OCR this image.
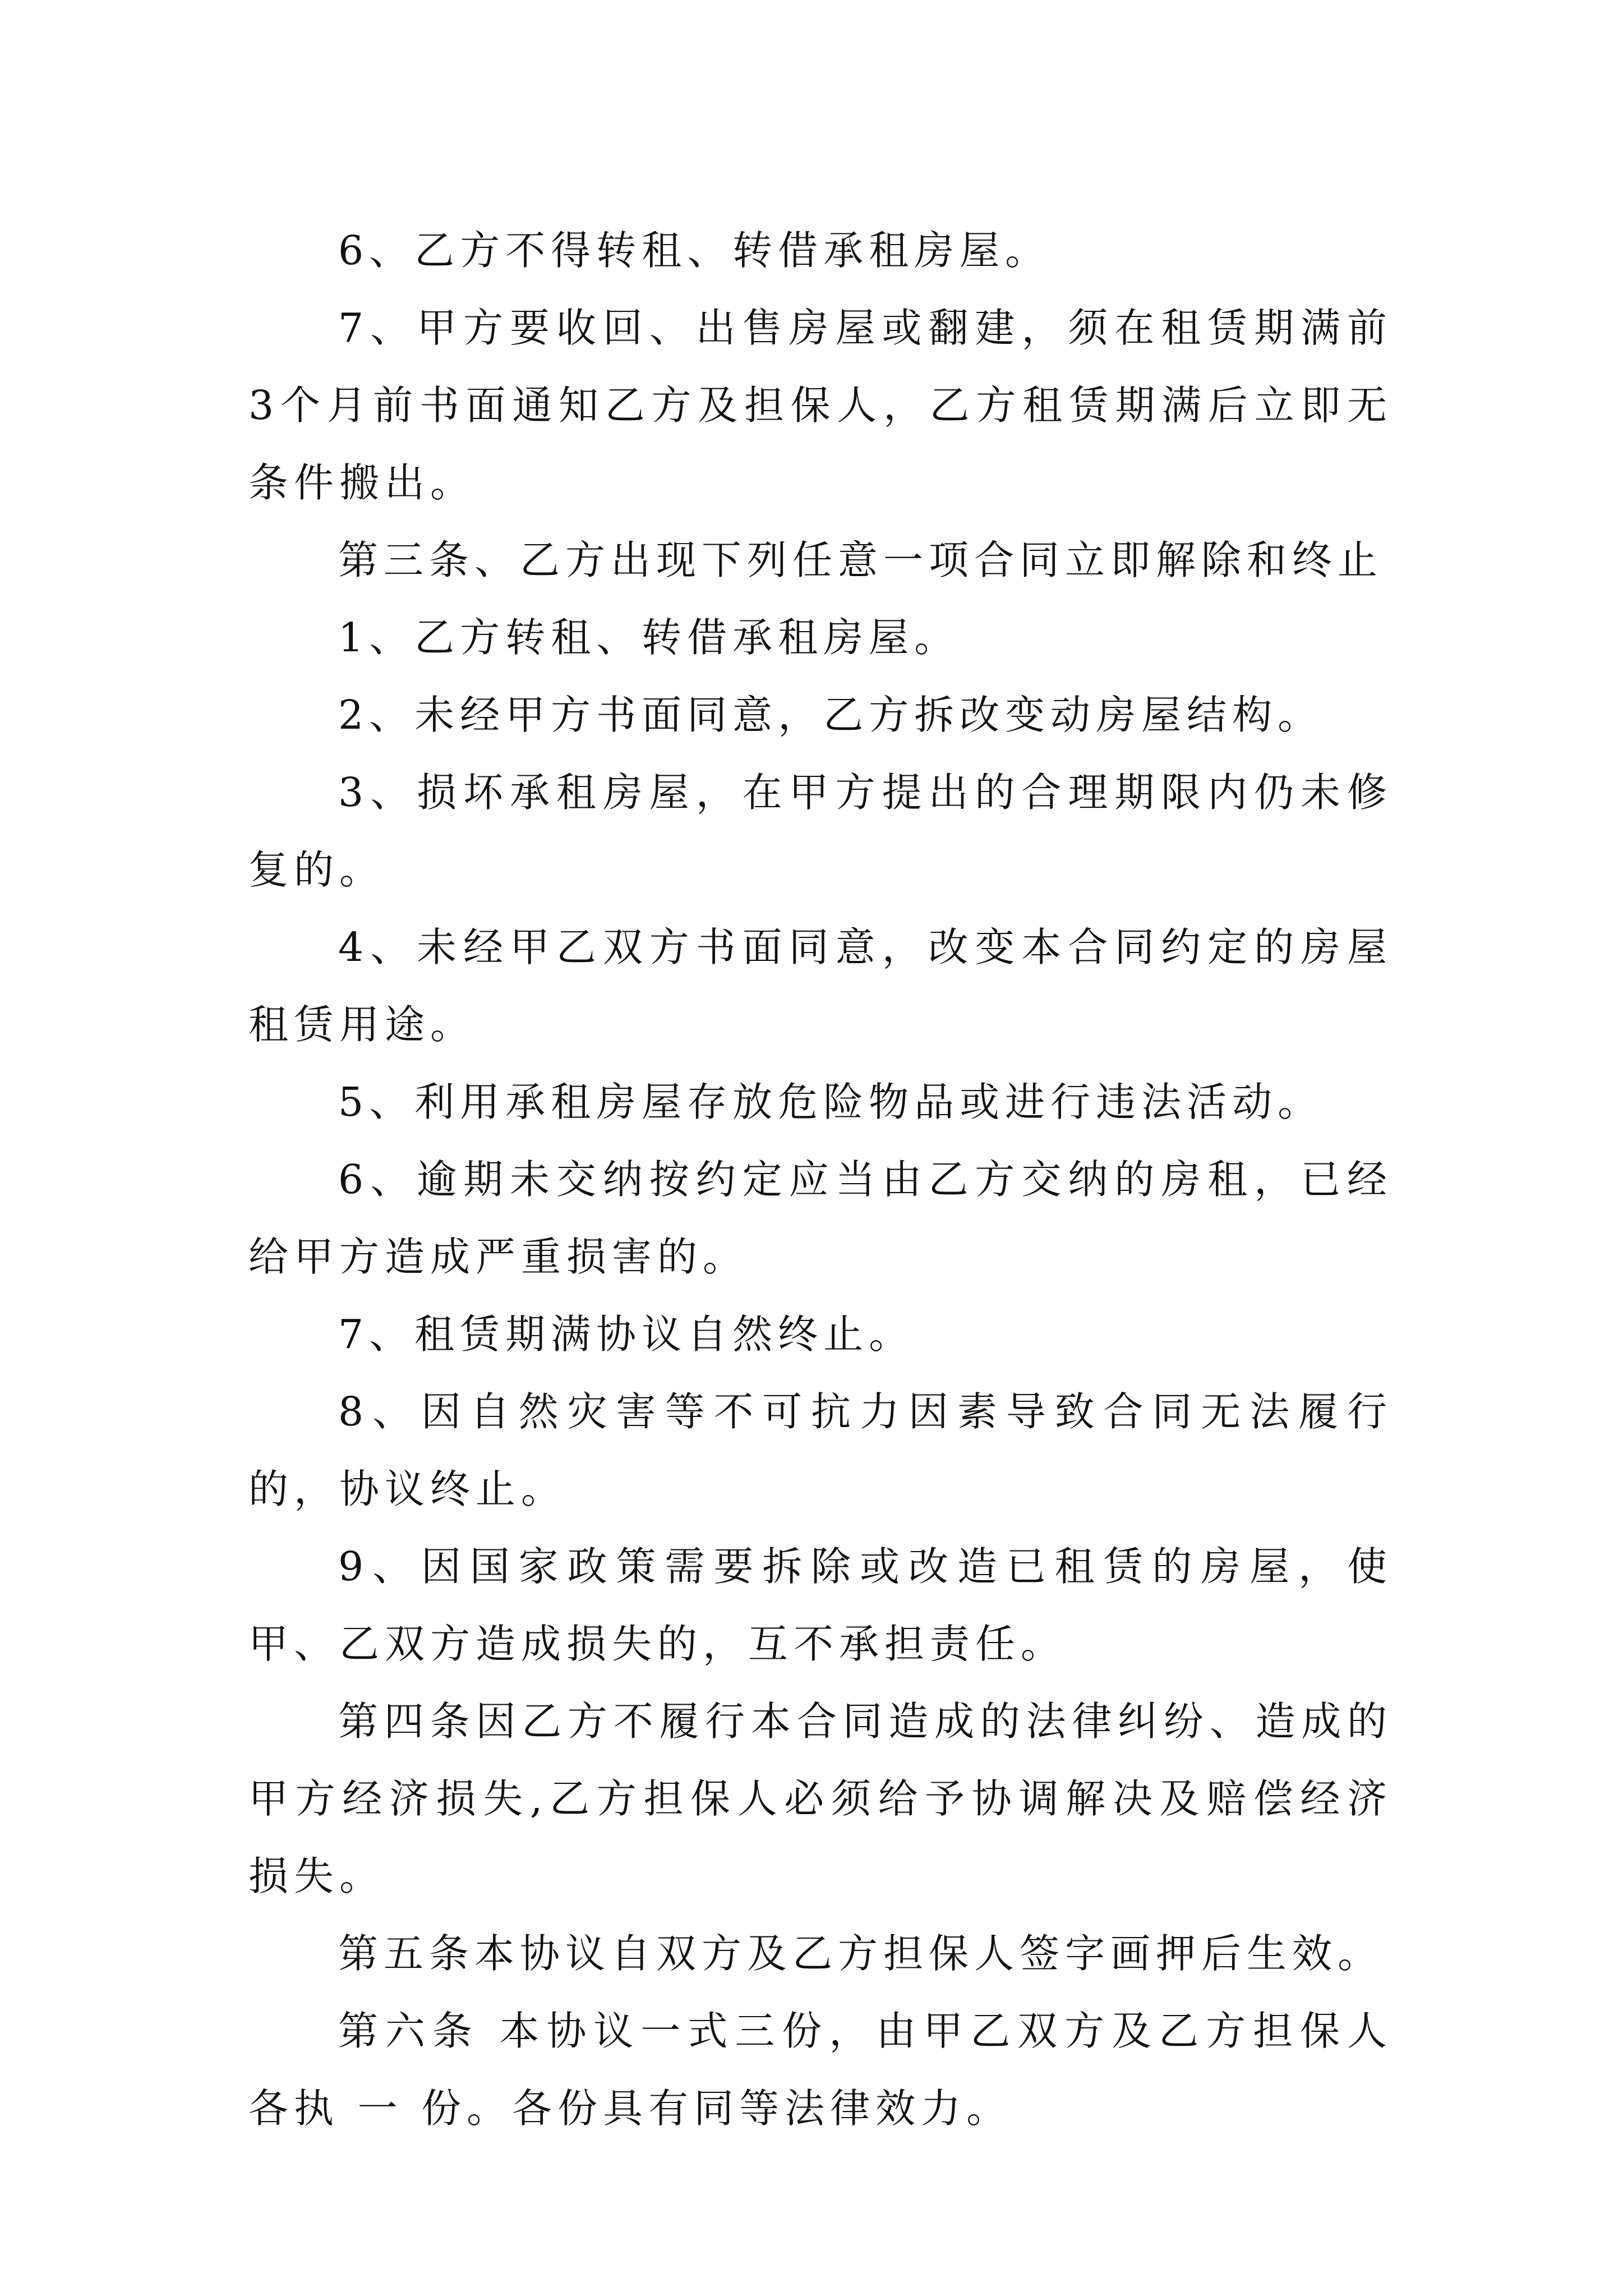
6、乙方不得转租、转借承租房屋。

7、甲方要收回、出售房屋或翻建，须在租赁期满前3个月前书面通知乙方及担保人，乙方租赁期满后立即无条件搬出。

第三条、乙方出现下列任意一项合同立即解除和终止

1、乙方转租、转借承租房屋。

2、未经甲方书面同意，乙方拆改变动房屋结构。

3、损坏承租房屋，在甲方提出的合理期限内仍未修复的。

4、未经甲乙双方书面同意，改变本合同约定的房屋租赁用途。

5、利用承租房屋存放危险物品或进行违法活动。

6、逾期未交纳按约定应当由乙方交纳的房租，已经给甲方造成严重损害的。

7、租赁期满协议自然终止。

8、因自然灾害等不可抗力因素导致合同无法履行的，协议终止。

9、因国家政策需要拆除或改造已租赁的房屋，使甲、乙双方造成损失的，互不承担责任。

第四条因乙方不履行本合同造成的法律纠纷、造成的甲方经济损失,乙方担保人必须给予协调解决及赔偿经济损失。

第五条本协议自双方及乙方担保人签字画押后生效。

第六条 本协议一式三份，由甲乙双方及乙方担保人各执 一 份。各份具有同等法律效力。
